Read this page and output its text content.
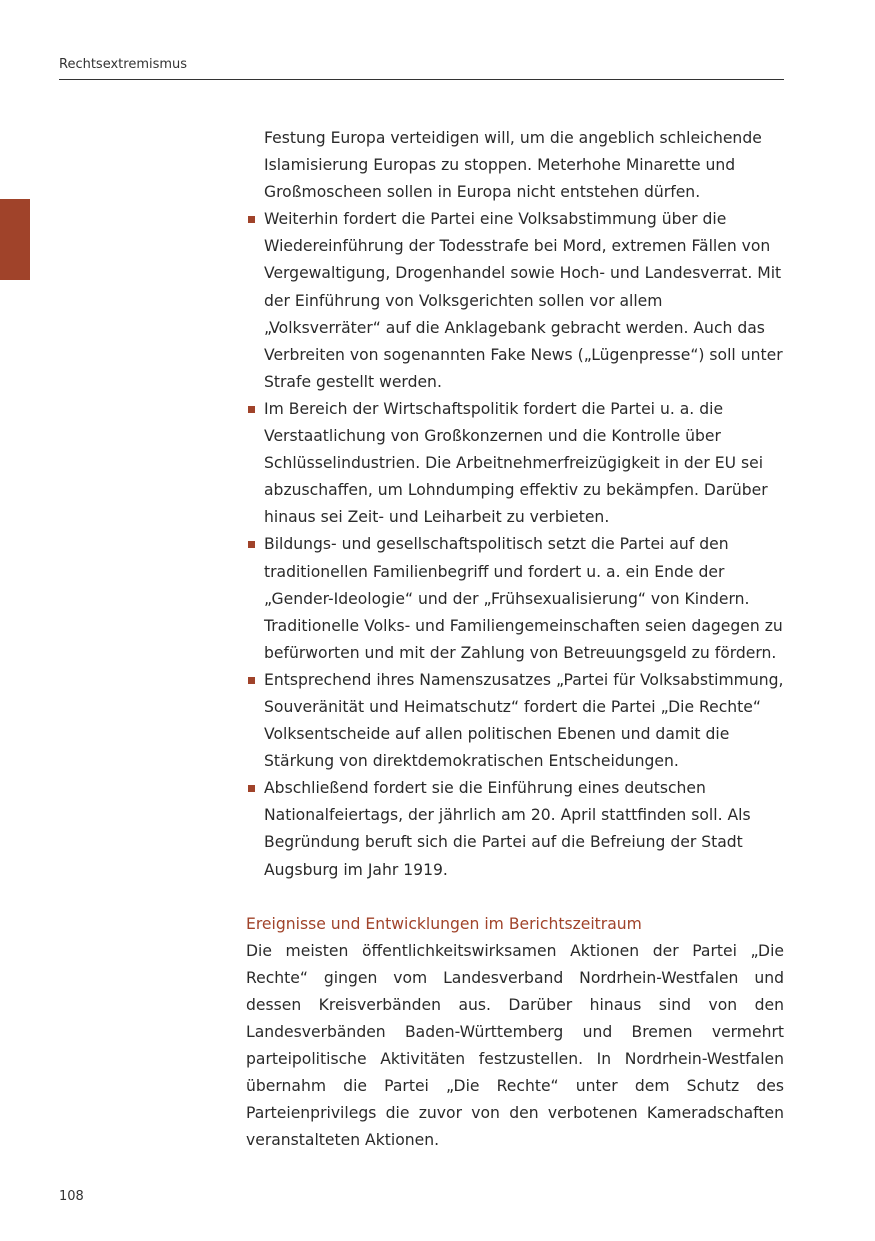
Rechtsextremismus
Festung Europa verteidigen will, um die angeblich schleichende Islamisierung Europas zu stoppen. Meterhohe Minarette und Großmoscheen sollen in Europa nicht entstehen dürfen.
Weiterhin fordert die Partei eine Volksabstimmung über die Wiedereinführung der Todesstrafe bei Mord, extremen Fällen von Vergewaltigung, Drogenhandel sowie Hoch- und Landesverrat. Mit der Einführung von Volksgerichten sollen vor allem „Volksverräter“ auf die Anklagebank gebracht werden. Auch das Verbreiten von sogenannten Fake News („Lügenpresse“) soll unter Strafe gestellt werden.
Im Bereich der Wirtschaftspolitik fordert die Partei u. a. die Verstaatlichung von Großkonzernen und die Kontrolle über Schlüsselindustrien. Die Arbeitnehmerfreizügigkeit in der EU sei abzuschaffen, um Lohndumping effektiv zu bekämpfen. Darüber hinaus sei Zeit- und Leiharbeit zu verbieten.
Bildungs- und gesellschaftspolitisch setzt die Partei auf den traditionellen Familienbegriff und fordert u. a. ein Ende der „Gender-Ideologie“ und der „Frühsexualisierung“ von Kindern. Traditionelle Volks- und Familiengemeinschaften seien dagegen zu befürworten und mit der Zahlung von Betreuungsgeld zu fördern.
Entsprechend ihres Namenszusatzes „Partei für Volksabstimmung, Souveränität und Heimatschutz“ fordert die Partei „Die Rechte“ Volksentscheide auf allen politischen Ebenen und damit die Stärkung von direktdemokratischen Entscheidungen.
Abschließend fordert sie die Einführung eines deutschen Nationalfeiertags, der jährlich am 20. April stattfinden soll. Als Begründung beruft sich die Partei auf die Befreiung der Stadt Augsburg im Jahr 1919.
Ereignisse und Entwicklungen im Berichtszeitraum

Die meisten öffentlichkeitswirksamen Aktionen der Partei „Die Rechte“ gingen vom Landesverband Nordrhein-Westfalen und dessen Kreisverbänden aus. Darüber hinaus sind von den Landesverbänden Baden-Württemberg und Bremen vermehrt parteipolitische Aktivitäten festzustellen. In Nordrhein-Westfalen übernahm die Partei „Die Rechte“ unter dem Schutz des Parteienprivilegs die zuvor von den verbotenen Kameradschaften veranstalteten Aktionen.

108
